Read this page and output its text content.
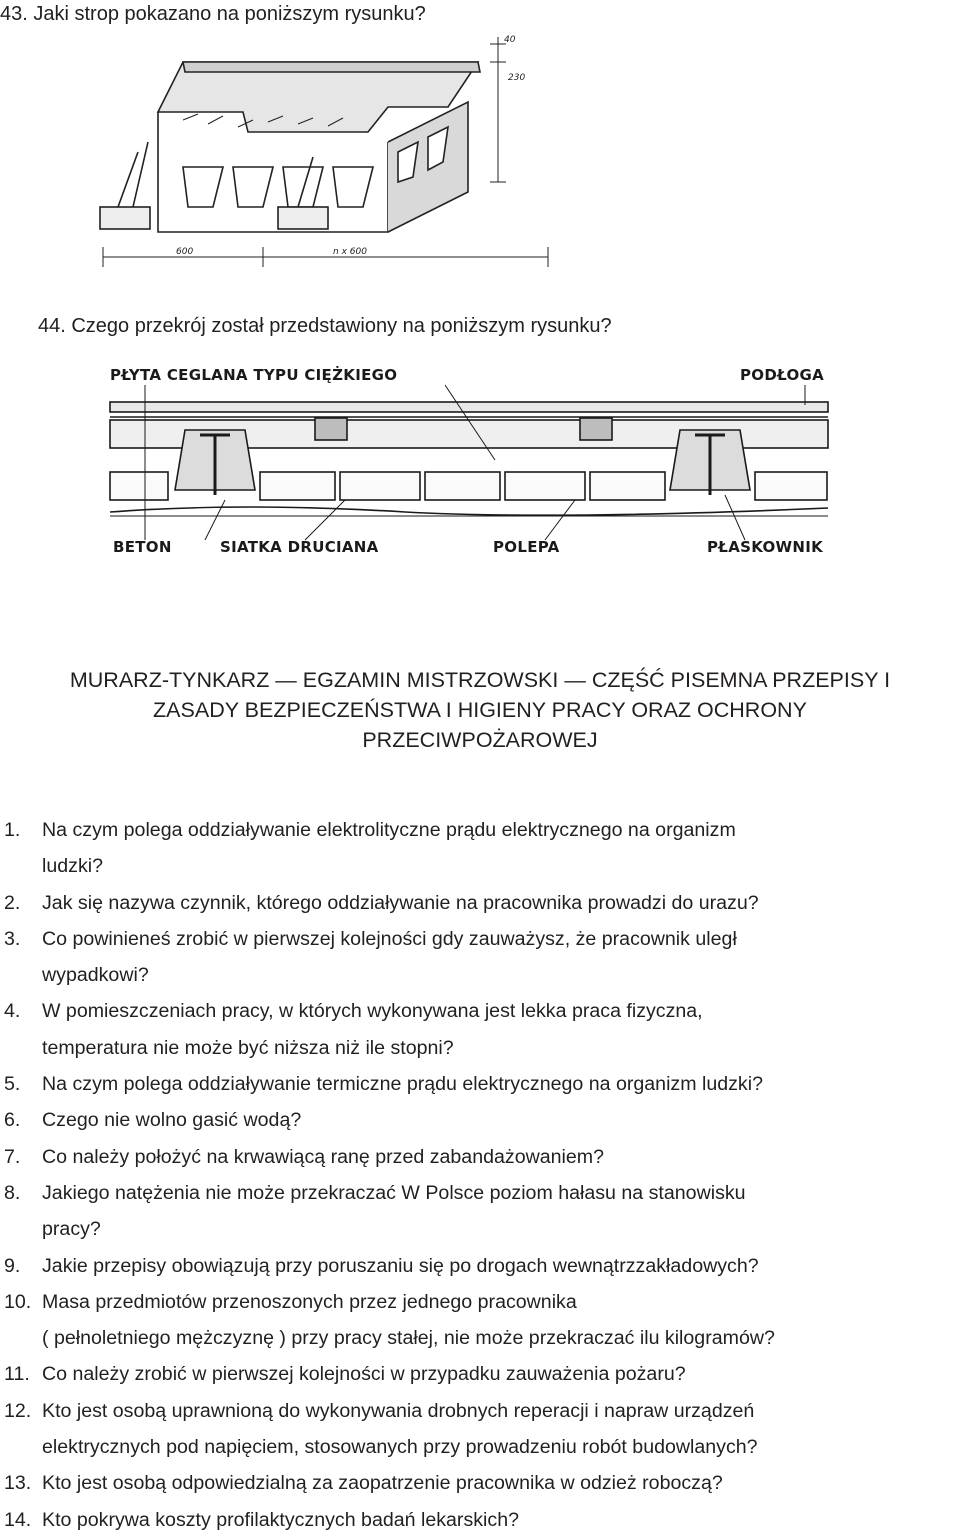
43. Jaki strop pokazano na poniższym rysunku?
40
230
600	n x 600
44. Czego przekrój został przedstawiony na poniższym rysunku?
PŁYTA CEGLANA TYPU CIĘŻKIEGO	PODŁOGA
BETON	SIATKA DRUCIANA	POLEPA	PŁASKOWNIK
MURARZ-TYNKARZ — EGZAMIN MISTRZOWSKI — CZĘŚĆ PISEMNA PRZEPISY I
ZASADY BEZPIECZEŃSTWA I HIGIENY PRACY ORAZ OCHRONY
PRZECIWPOŻAROWEJ
1. Na czym polega oddziaływanie elektrolityczne prądu elektrycznego na organizm
ludzki?
2. Jak się nazywa czynnik, którego oddziaływanie na pracownika prowadzi do urazu?
3. Co powinieneś zrobić w pierwszej kolejności gdy zauważysz, że pracownik uległ
wypadkowi?
4. W pomieszczeniach pracy, w których wykonywana jest lekka praca fizyczna,
temperatura nie może być niższa niż ile stopni?
5. Na czym polega oddziaływanie termiczne prądu elektrycznego na organizm ludzki?
6. Czego nie wolno gasić wodą?
7. Co należy położyć na krwawiącą ranę przed zabandażowaniem?
8. Jakiego natężenia nie może przekraczać W Polsce poziom hałasu na stanowisku
pracy?
9. Jakie przepisy obowiązują przy poruszaniu się po drogach wewnątrzzakładowych?
10. Masa przedmiotów przenoszonych przez jednego pracownika
( pełnoletniego mężczyznę ) przy pracy stałej, nie może przekraczać ilu kilogramów?
11. Co należy zrobić w pierwszej kolejności w przypadku zauważenia pożaru?
12. Kto jest osobą uprawnioną do wykonywania drobnych reperacji i napraw urządzeń
elektrycznych pod napięciem, stosowanych przy prowadzeniu robót budowlanych?
13. Kto jest osobą odpowiedzialną za zaopatrzenie pracownika w odzież roboczą?
14. Kto pokrywa koszty profilaktycznych badań lekarskich?
